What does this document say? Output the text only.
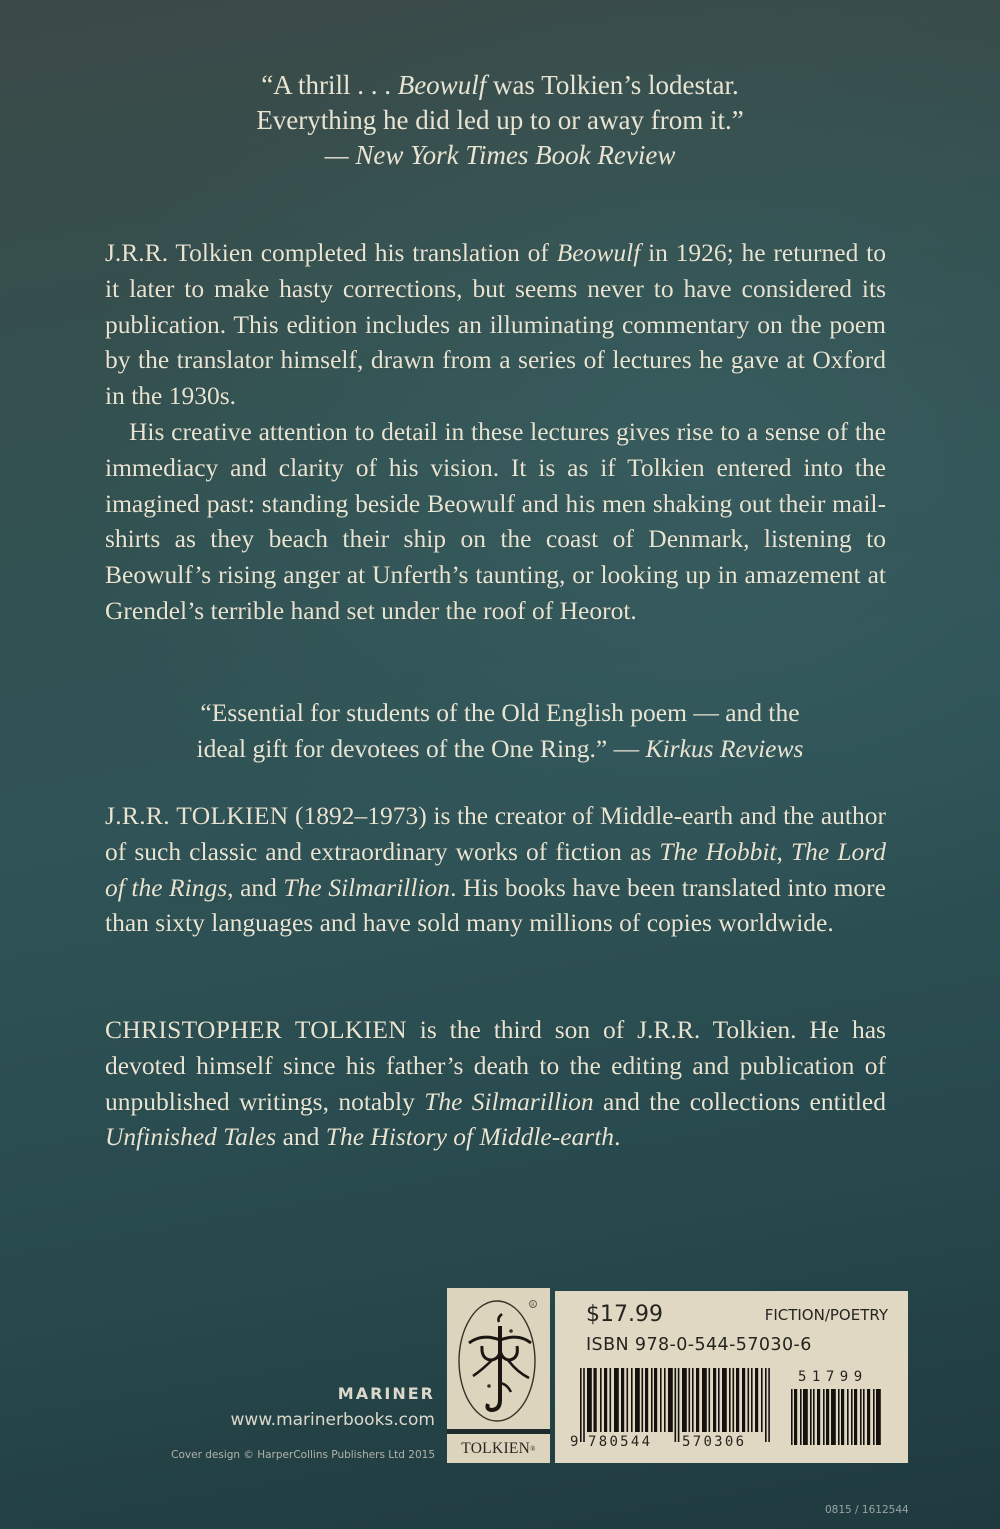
“A thrill . . . Beowulf was Tolkien’s lodestar.
Everything he did led up to or away from it.”
— New York Times Book Review

J.R.R. Tolkien completed his translation of Beowulf in 1926; he returned to it later to make hasty corrections, but seems never to have considered its publication. This edition includes an illuminating commentary on the poem by the translator himself, drawn from a series of lectures he gave at Oxford in the 1930s.

His creative attention to detail in these lectures gives rise to a sense of the immediacy and clarity of his vision. It is as if Tolkien entered into the imagined past: standing beside Beowulf and his men shaking out their mail-shirts as they beach their ship on the coast of Denmark, listening to Beowulf’s rising anger at Unferth’s taunting, or looking up in amazement at Grendel’s terrible hand set under the roof of Heorot.

“Essential for students of the Old English poem — and the
ideal gift for devotees of the One Ring.” — Kirkus Reviews

J.R.R. TOLKIEN (1892–1973) is the creator of Middle-earth and the author of such classic and extraordinary works of fiction as The Hobbit, The Lord of the Rings, and The Silmarillion. His books have been translated into more than sixty languages and have sold many millions of copies worldwide.

CHRISTOPHER TOLKIEN is the third son of J.R.R. Tolkien. He has devoted himself since his father’s death to the editing and publication of unpublished writings, notably The Silmarillion and the collections entitled Unfinished Tales and The History of Middle-earth.

MARINER
www.marinerbooks.com
Cover design © HarperCollins Publishers Ltd 2015
R
TOLKIEN ®
$17.99	FICTION/POETRY
ISBN 978-0-544-57030-6
9 780544 570306
51799
0815 / 1612544
